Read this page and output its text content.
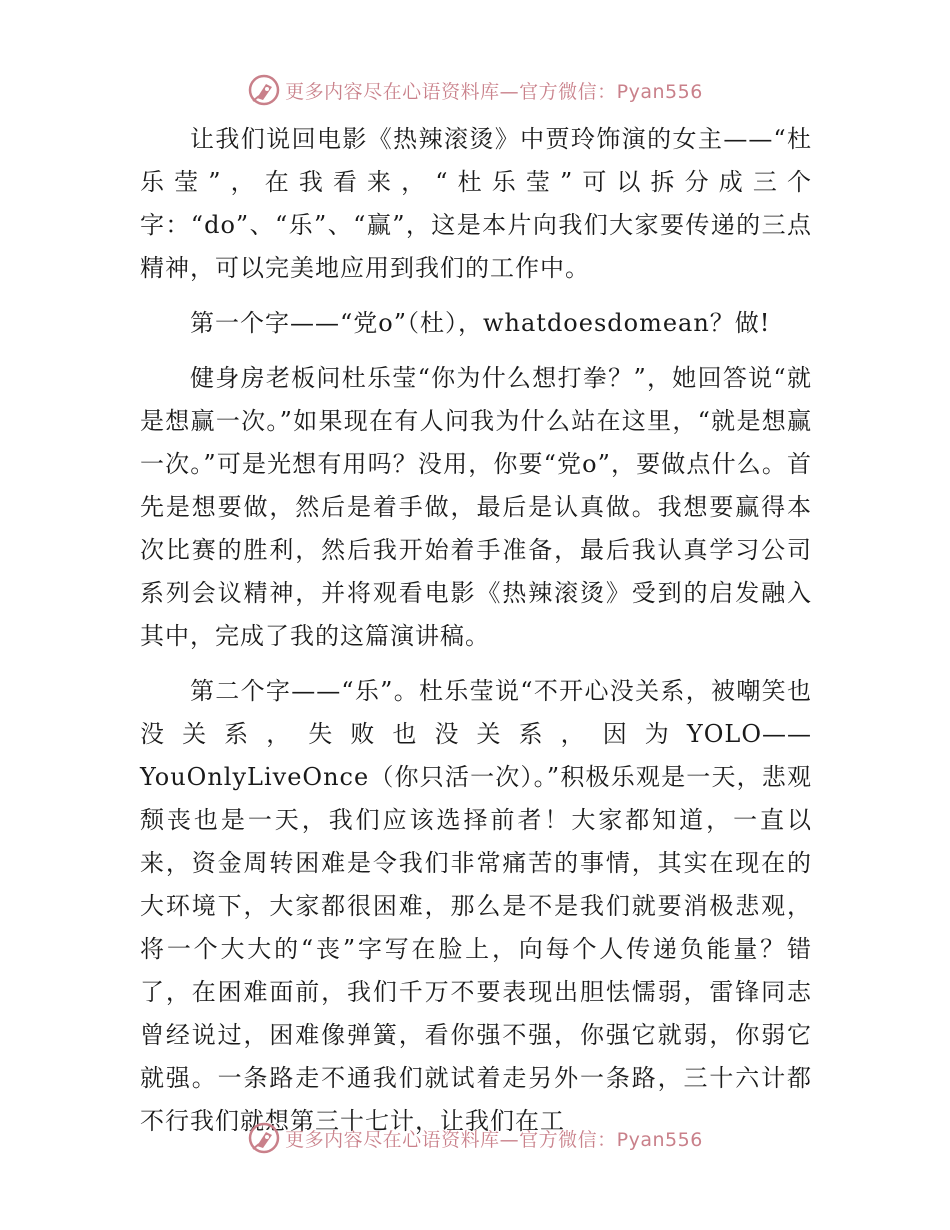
更多内容尽在心语资料库—官方微信：Pyan556

让我们说回电影《热辣滚烫》中贾玲饰演的女主——“杜乐莹”，在我看来，“杜乐莹”可以拆分成三个字：“do”、“乐”、“赢”，这是本片向我们大家要传递的三点精神，可以完美地应用到我们的工作中。

第一个字——“党o”（杜），whatdoesdomean？做!

健身房老板问杜乐莹“你为什么想打拳？”，她回答说“就是想赢一次。”如果现在有人问我为什么站在这里，“就是想赢一次。”可是光想有用吗？没用，你要“党o”，要做点什么。首先是想要做，然后是着手做，最后是认真做。我想要赢得本次比赛的胜利，然后我开始着手准备，最后我认真学习公司系列会议精神，并将观看电影《热辣滚烫》受到的启发融入其中，完成了我的这篇演讲稿。

第二个字——“乐”。杜乐莹说“不开心没关系，被嘲笑也没关系，失败也没关系，因为YOLO——YouOnlyLiveOnce（你只活一次）。”积极乐观是一天，悲观颓丧也是一天，我们应该选择前者！大家都知道，一直以来，资金周转困难是令我们非常痛苦的事情，其实在现在的大环境下，大家都很困难，那么是不是我们就要消极悲观，将一个大大的“丧”字写在脸上，向每个人传递负能量？错了，在困难面前，我们千万不要表现出胆怯懦弱，雷锋同志曾经说过，困难像弹簧，看你强不强，你强它就弱，你弱它就强。一条路走不通我们就试着走另外一条路，三十六计都不行我们就想第三十七计，让我们在工

更多内容尽在心语资料库—官方微信：Pyan556
